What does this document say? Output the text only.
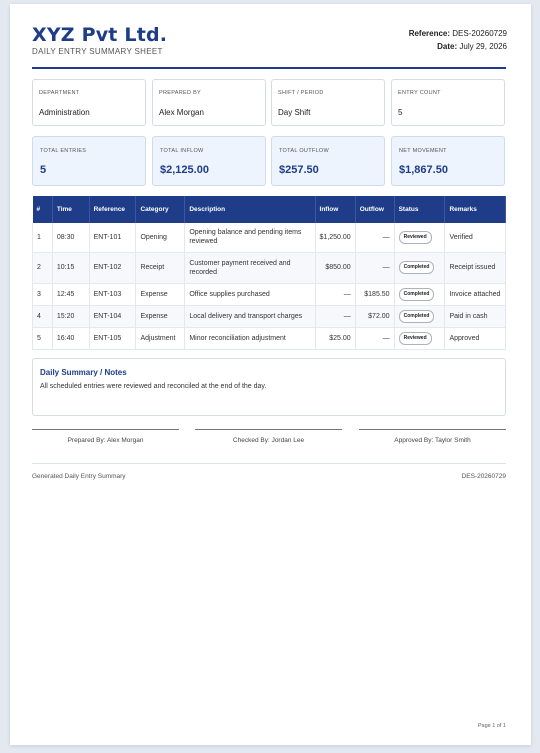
XYZ Pvt Ltd.
DAILY ENTRY SUMMARY SHEET
Reference: DES-20260729
Date: July 29, 2026
DEPARTMENT
Administration
PREPARED BY
Alex Morgan
SHIFT / PERIOD
Day Shift
ENTRY COUNT
5
TOTAL ENTRIES
5
TOTAL INFLOW
$2,125.00
TOTAL OUTFLOW
$257.50
NET MOVEMENT
$1,867.50
#	Time	Reference	Category	Description	Inflow	Outflow	Status	Remarks
1	08:30	ENT-101	Opening	Opening balance and pending items reviewed	$1,250.00	—	Reviewed	Verified
2	10:15	ENT-102	Receipt	Customer payment received and recorded	$850.00	—	Completed	Receipt issued
3	12:45	ENT-103	Expense	Office supplies purchased	—	$185.50	Completed	Invoice attached
4	15:20	ENT-104	Expense	Local delivery and transport charges	—	$72.00	Completed	Paid in cash
5	16:40	ENT-105	Adjustment	Minor reconciliation adjustment	$25.00	—	Reviewed	Approved
Daily Summary / Notes
All scheduled entries were reviewed and reconciled at the end of the day.
Prepared By: Alex Morgan	Checked By: Jordan Lee	Approved By: Taylor Smith
Generated Daily Entry Summary	DES-20260729
Page 1 of 1
